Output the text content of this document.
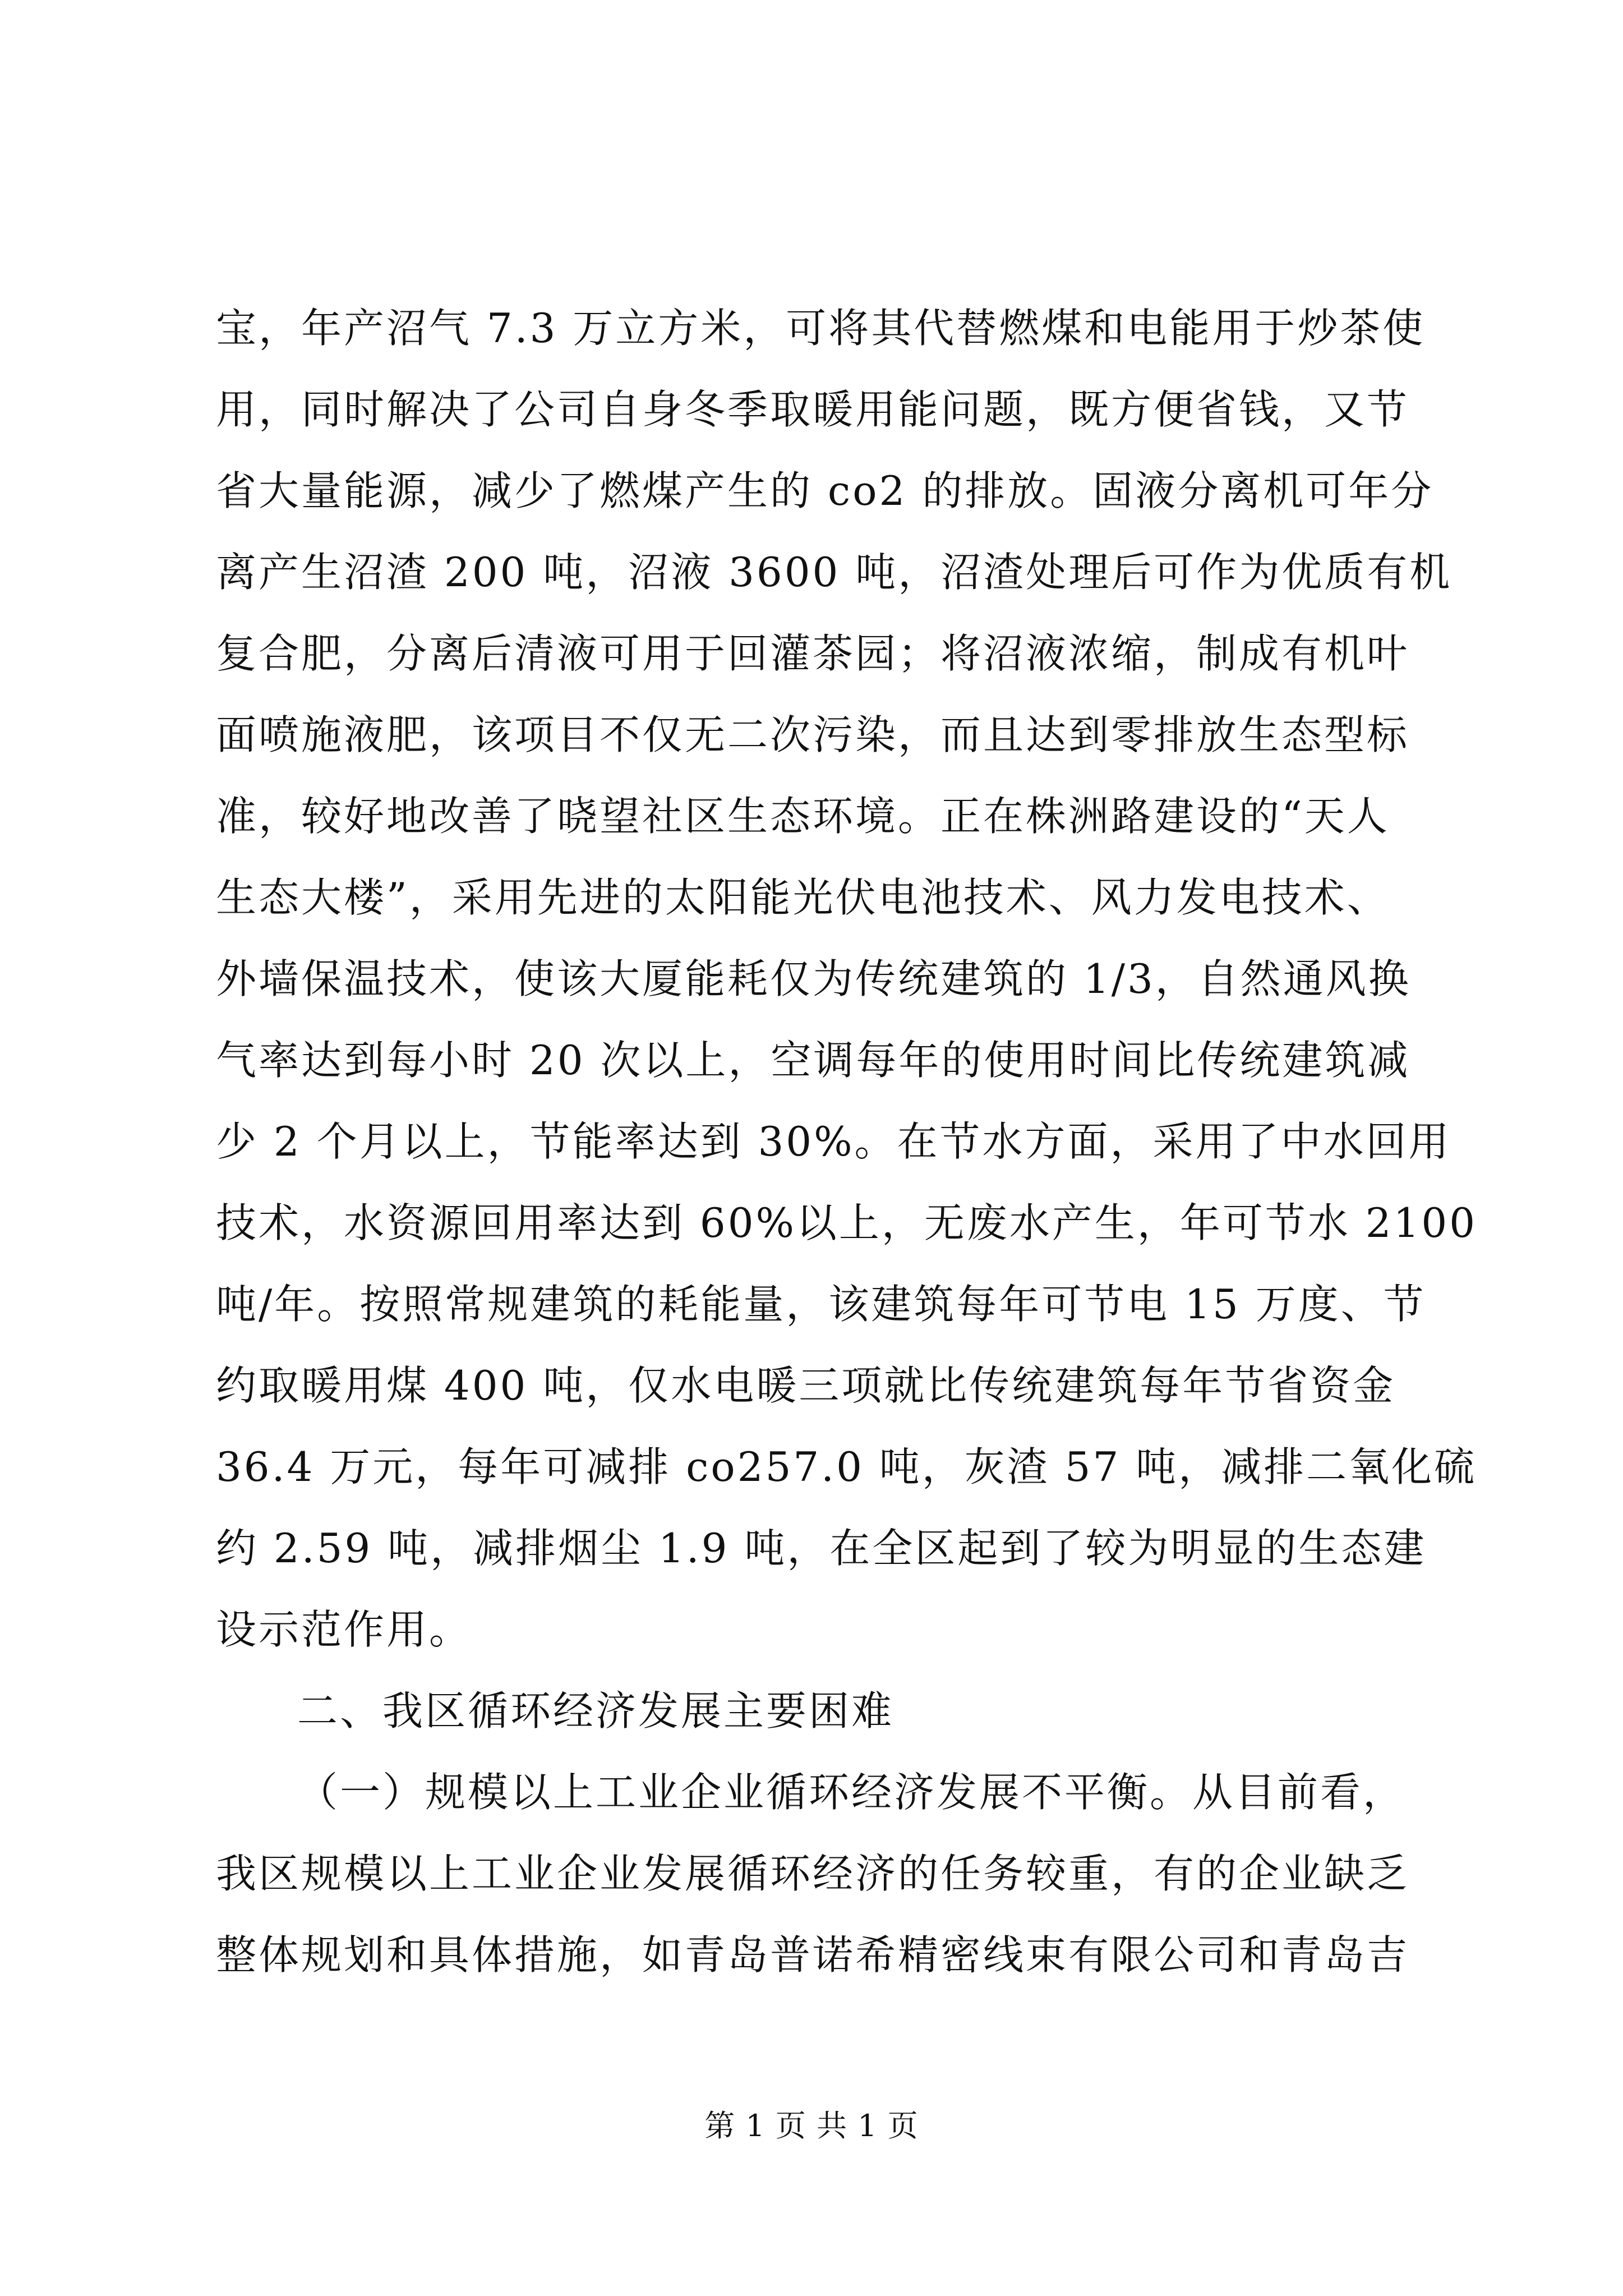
宝，年产沼气 7.3 万立方米，可将其代替燃煤和电能用于炒茶使
用，同时解决了公司自身冬季取暖用能问题，既方便省钱，又节
省大量能源，减少了燃煤产生的 co2 的排放。固液分离机可年分
离产生沼渣 200 吨，沼液 3600 吨，沼渣处理后可作为优质有机
复合肥，分离后清液可用于回灌茶园；将沼液浓缩，制成有机叶
面喷施液肥，该项目不仅无二次污染，而且达到零排放生态型标
准，较好地改善了晓望社区生态环境。正在株洲路建设的“天人
生态大楼”，采用先进的太阳能光伏电池技术、风力发电技术、
外墙保温技术，使该大厦能耗仅为传统建筑的 1/3，自然通风换
气率达到每小时 20 次以上，空调每年的使用时间比传统建筑减
少 2 个月以上，节能率达到 30%。在节水方面，采用了中水回用
技术，水资源回用率达到 60%以上，无废水产生，年可节水 2100
吨/年。按照常规建筑的耗能量，该建筑每年可节电 15 万度、节
约取暖用煤 400 吨，仅水电暖三项就比传统建筑每年节省资金
36.4 万元，每年可减排 co257.0 吨，灰渣 57 吨，减排二氧化硫
约 2.59 吨，减排烟尘 1.9 吨，在全区起到了较为明显的生态建
设示范作用。
二、我区循环经济发展主要困难
（一）规模以上工业企业循环经济发展不平衡。从目前看，
我区规模以上工业企业发展循环经济的任务较重，有的企业缺乏
整体规划和具体措施，如青岛普诺希精密线束有限公司和青岛吉
第 1 页 共 1 页
